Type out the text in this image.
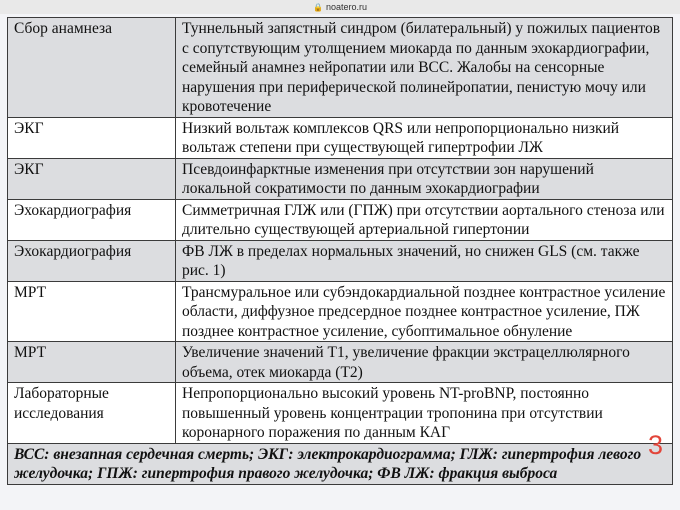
🔒 noatero.ru
Сбор анамнеза	Туннельный запястный синдром (билатеральный) у пожилых пациентов с сопутствующим утолщением миокарда по данным эхокардиографии, семейный анамнез нейропатии или ВСС. Жалобы на сенсорные нарушения при периферической полинейропатии, пенистую мочу или кровотечение
ЭКГ	Низкий вольтаж комплексов QRS или непропорционально низкий вольтаж степени при существующей гипертрофии ЛЖ
ЭКГ	Псевдоинфарктные изменения при отсутствии зон нарушений локальной сократимости по данным эхокардиографии
Эхокардиография	Симметричная ГЛЖ или (ГПЖ) при отсутствии аортального стеноза или длительно существующей артериальной гипертонии
Эхокардиография	ФВ ЛЖ в пределах нормальных значений, но снижен GLS (см. также рис. 1)
МРТ	Трансмуральное или субэндокардиальной позднее контрастное усиление области, диффузное предсердное позднее контрастное усиление, ПЖ позднее контрастное усиление, субоптимальное обнуление
МРТ	Увеличение значений T1, увеличение фракции экстрацеллюлярного объема, отек миокарда (T2)
Лабораторные исследования	Непропорционально высокий уровень NT-proBNP, постоянно повышенный уровень концентрации тропонина при отсутствии коронарного поражения по данным КАГ
ВСС: внезапная сердечная смерть; ЭКГ: электрокардиограмма; ГЛЖ: гипертрофия левого желудочка; ГПЖ: гипертрофия правого желудочка; ФВ ЛЖ: фракция выброса	
3
